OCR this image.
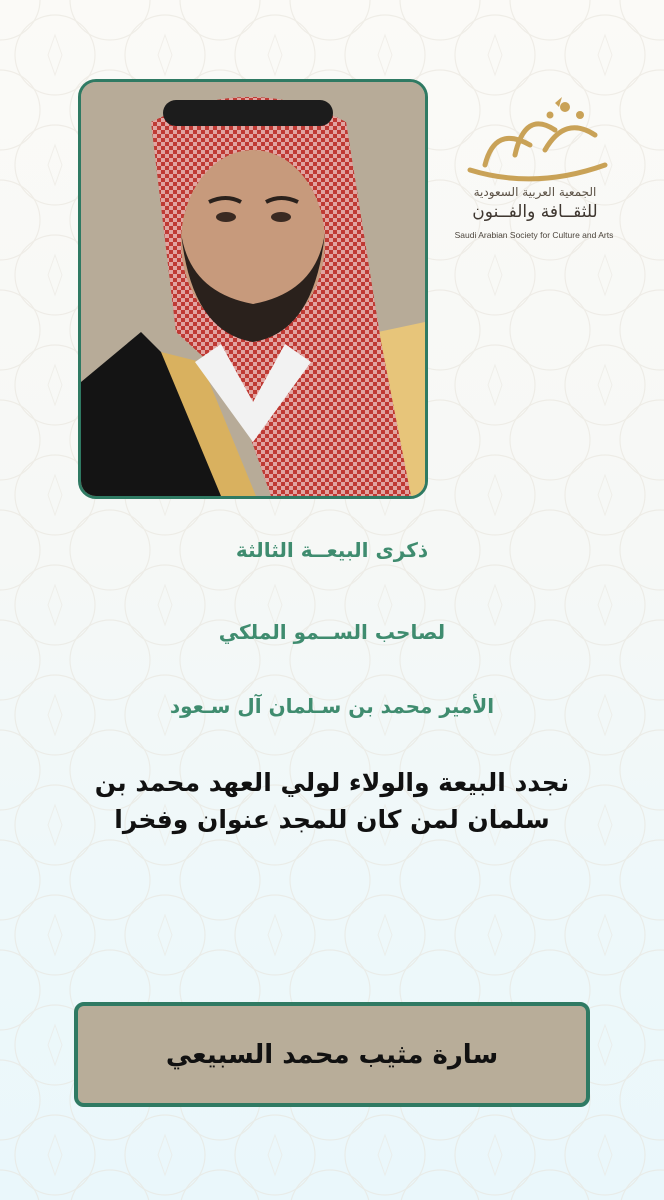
الجمعية العربية السعودية
للثقــافة والفــنون
Saudi Arabian Society for Culture and Arts
ذكرى البيعــة الثالثة
لصاحب الســمو الملكي
الأمير محمد بن سـلمان آل سـعود
نجدد البيعة والولاء لولي العهد محمد بن سلمان لمن كان للمجد عنوان وفخرا
سارة مثيب محمد السبيعي
